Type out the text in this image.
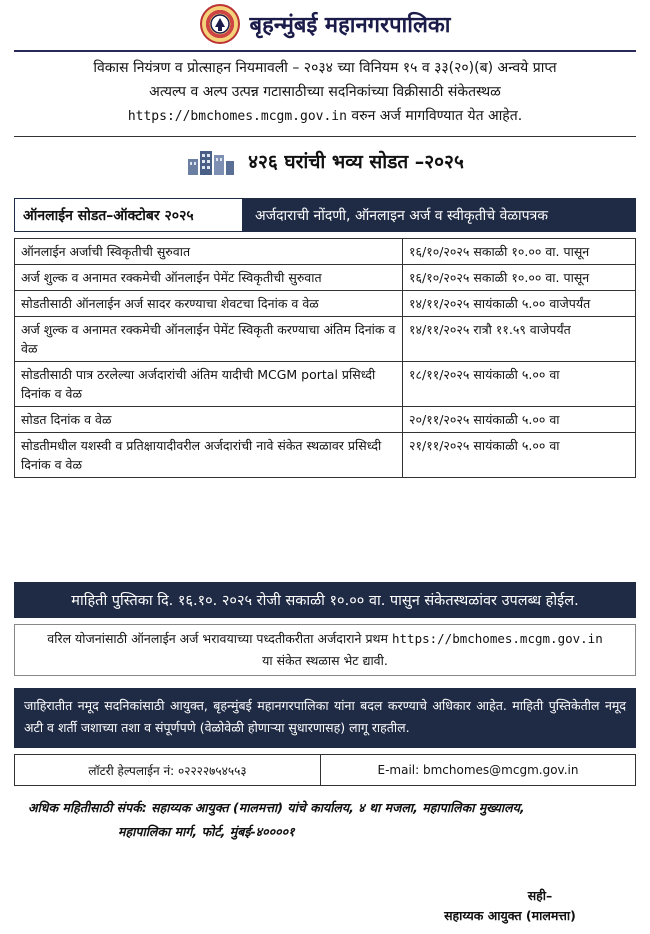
बृहन्मुंबई महानगरपालिका
विकास नियंत्रण व प्रोत्साहन नियमावली – २०३४ च्या विनियम १५ व ३३(२०)(ब) अन्वये प्राप्त
अत्यल्प व अल्प उत्पन्न गटासाठीच्या सदनिकांच्या विक्रीसाठी संकेतस्थळ
https://bmchomes.mcgm.gov.in वरुन अर्ज मागविण्यात येत आहेत.
४२६ घरांची भव्य सोडत –२०२५
ऑनलाईन सोडत–ऑक्टोबर २०२५	अर्जदाराची नोंदणी, ऑनलाइन अर्ज व स्वीकृतीचे वेळापत्रक
ऑनलाईन अर्जाची स्विकृतीची सुरुवात	१६/१०/२०२५ सकाळी १०.०० वा. पासून
अर्ज शुल्क व अनामत रक्कमेची ऑनलाईन पेमेंट स्विकृतीची सुरुवात	१६/१०/२०२५ सकाळी १०.०० वा. पासून
सोडतीसाठी ऑनलाईन अर्ज सादर करण्याचा शेवटचा दिनांक व वेळ	१४/११/२०२५ सायंकाळी ५.०० वाजेपर्यंत
अर्ज शुल्क व अनामत रक्कमेची ऑनलाईन पेमेंट स्विकृती करण्याचा अंतिम दिनांक व वेळ	१४/११/२०२५ रात्रौ ११.५९ वाजेपर्यंत
सोडतीसाठी पात्र ठरलेल्या अर्जदारांची अंतिम यादीची MCGM portal प्रसिध्दी दिनांक व वेळ	१८/११/२०२५ सायंकाळी ५.०० वा
सोडत दिनांक व वेळ	२०/११/२०२५ सायंकाळी ५.०० वा
सोडतीमधील यशस्वी व प्रतिक्षायादीवरील अर्जदारांची नावे संकेत स्थळावर प्रसिध्दी दिनांक व वेळ	२१/११/२०२५ सायंकाळी ५.०० वा
माहिती पुस्तिका दि. १६.१०. २०२५ रोजी सकाळी १०.०० वा. पासुन संकेतस्थळांवर उपलब्ध होईल.
वरिल योजनांसाठी ऑनलाईन अर्ज भरावयाच्या पध्दतीकरीता अर्जदाराने प्रथम https://bmchomes.mcgm.gov.in
या संकेत स्थळास भेट द्यावी.
जाहिरातीत नमूद सदनिकांसाठी आयुक्त, बृहन्मुंबई महानगरपालिका यांना बदल करण्याचे अधिकार आहेत. माहिती पुस्तिकेतील नमूद अटी व शर्ती जशाच्या तशा व संपूर्णपणे (वेळोवेळी होणाऱ्या सुधारणासह) लागू राहतील.
लॉटरी हेल्पलाईन नं: ०२२२२७५४५५३	E-mail: bmchomes@mcgm.gov.in
अधिक महितीसाठी संपर्क: सहाय्यक आयुक्त (मालमत्ता) यांचे कार्यालय, ४ था मजला, महापालिका मुख्यालय,
महापालिका मार्ग, फोर्ट, मुंबई-४००००१
सही–
सहाय्यक आयुक्त (मालमत्ता)
